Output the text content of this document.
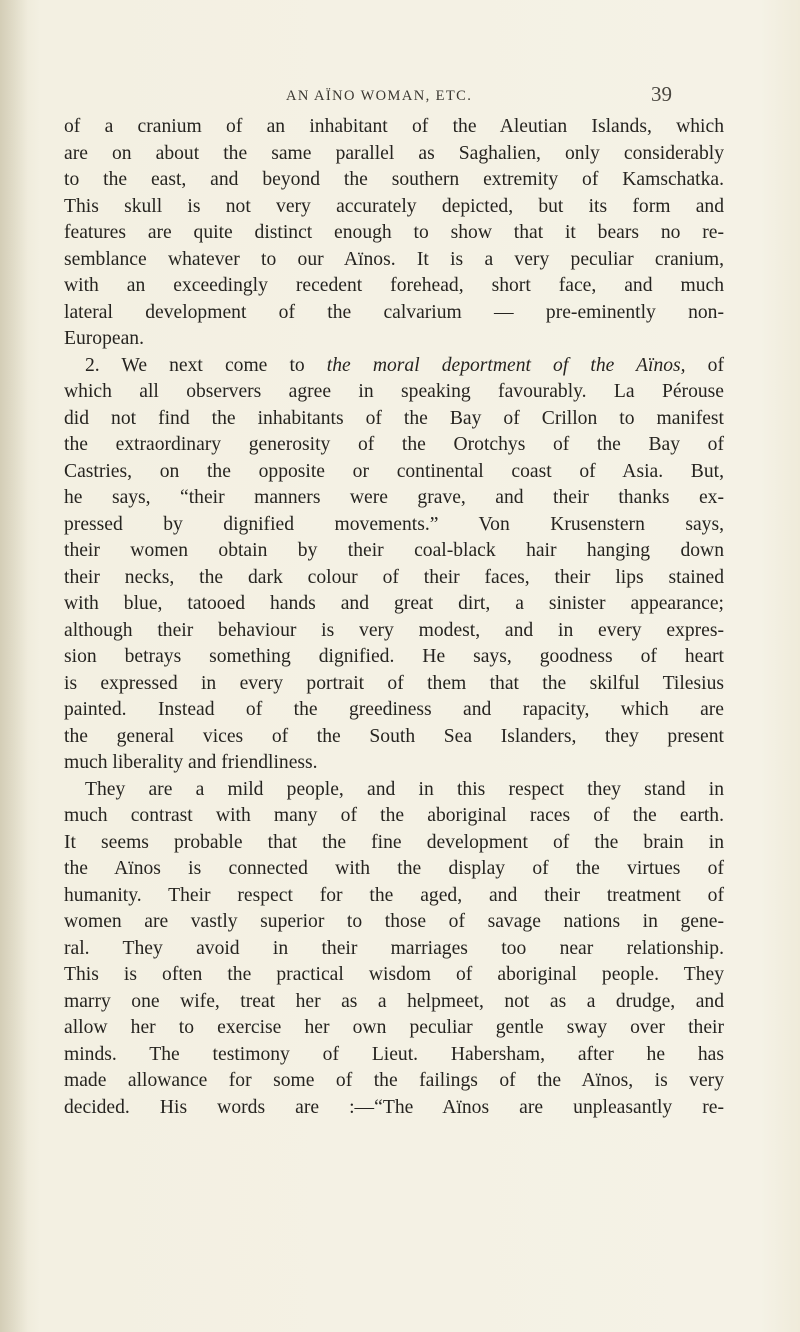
AN AÏNO WOMAN, ETC.	39
of a cranium of an inhabitant of the Aleutian Islands, which
are on about the same parallel as Saghalien, only considerably
to the east, and beyond the southern extremity of Kamschatka.
This skull is not very accurately depicted, but its form and
features are quite distinct enough to show that it bears no re-
semblance whatever to our Aïnos. It is a very peculiar cranium,
with an exceedingly recedent forehead, short face, and much
lateral development of the calvarium — pre-eminently non-
European.
2. We next come to the moral deportment of the Aïnos, of
which all observers agree in speaking favourably. La Pérouse
did not find the inhabitants of the Bay of Crillon to manifest
the extraordinary generosity of the Orotchys of the Bay of
Castries, on the opposite or continental coast of Asia. But,
he says, “their manners were grave, and their thanks ex-
pressed by dignified movements.” Von Krusenstern says,
their women obtain by their coal-black hair hanging down
their necks, the dark colour of their faces, their lips stained
with blue, tatooed hands and great dirt, a sinister appearance;
although their behaviour is very modest, and in every expres-
sion betrays something dignified. He says, goodness of heart
is expressed in every portrait of them that the skilful Tilesius
painted. Instead of the greediness and rapacity, which are
the general vices of the South Sea Islanders, they present
much liberality and friendliness.
They are a mild people, and in this respect they stand in
much contrast with many of the aboriginal races of the earth.
It seems probable that the fine development of the brain in
the Aïnos is connected with the display of the virtues of
humanity. Their respect for the aged, and their treatment of
women are vastly superior to those of savage nations in gene-
ral. They avoid in their marriages too near relationship.
This is often the practical wisdom of aboriginal people. They
marry one wife, treat her as a helpmeet, not as a drudge, and
allow her to exercise her own peculiar gentle sway over their
minds. The testimony of Lieut. Habersham, after he has
made allowance for some of the failings of the Aïnos, is very
decided. His words are :—“The Aïnos are unpleasantly re-
